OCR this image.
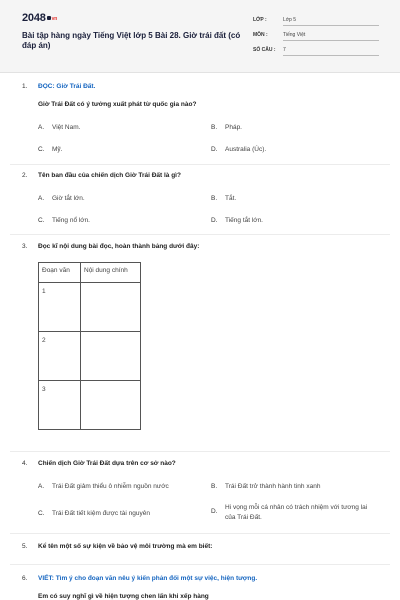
2048 vn
Bài tập hàng ngày Tiếng Việt lớp 5 Bài 28. Giờ trái đất (có đáp án)
LỚP :	Lớp 5
MÔN :	Tiếng Việt
SỐ CÂU : 7
1. ĐỌC: Giờ Trái Đất.
Giờ Trái Đất có ý tưởng xuất phát từ quốc gia nào?
A. Việt Nam.	B. Pháp.
C. Mỹ.	D. Australia (Úc).
2. Tên ban đầu của chiến dịch Giờ Trái Đất là gì?
A. Giờ tắt lớn.	B. Tắt.
C. Tiếng nổ lớn.	D. Tiếng tắt lớn.
3. Đọc kĩ nội dung bài đọc, hoàn thành bảng dưới đây:
Đoạn văn	Nội dung chính
1	
2	
3	
4. Chiến dịch Giờ Trái Đất dựa trên cơ sở nào?
A. Trái Đất giảm thiểu ô nhiễm nguồn nước	B. Trái Đất trở thành hành tinh xanh
C. Trái Đất tiết kiệm được tài nguyên	D.
Hi vọng mỗi cá nhân có trách nhiệm với tương lai của Trái Đất.
5. Kể tên một số sự kiện về bảo vệ môi trường mà em biết:
6. VIẾT: Tìm ý cho đoạn văn nêu ý kiến phản đối một sự việc, hiện tượng.
Em có suy nghĩ gì về hiện tượng chen lấn khi xếp hàng
